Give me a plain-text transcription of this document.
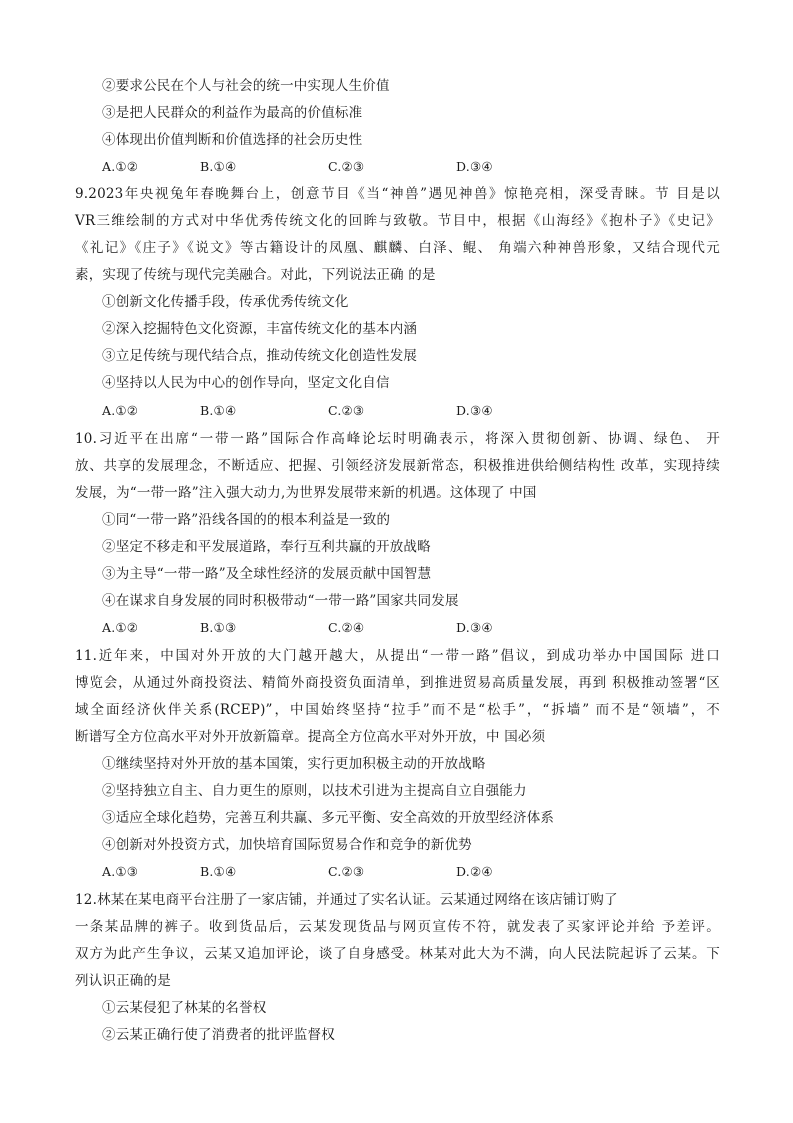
②要求公民在个人与社会的统一中实现人生价值
③是把人民群众的利益作为最高的价值标准
④体现出价值判断和价值选择的社会历史性
A.①②	B.①④	C.②③	D.③④
9.2023年央视兔年春晚舞台上，创意节目《当“神兽”遇见神兽》惊艳亮相，深受青睐。节 目是以
VR三维绘制的方式对中华优秀传统文化的回眸与致敬。节目中，根据《山海经》《抱朴子》《史记》
《礼记》《庄子》《说文》等古籍设计的凤凰、麒麟、白泽、鲲、 角端六种神兽形象，又结合现代元
素，实现了传统与现代完美融合。对此，下列说法正确 的是
①创新文化传播手段，传承优秀传统文化
②深入挖掘特色文化资源，丰富传统文化的基本内涵
③立足传统与现代结合点，推动传统文化创造性发展
④坚持以人民为中心的创作导向，坚定文化自信
A.①②	B.①④	C.②③	D.③④
10.习近平在出席“一带一路”国际合作高峰论坛时明确表示，将深入贯彻创新、协调、绿色、 开
放、共享的发展理念，不断适应、把握、引领经济发展新常态，积极推进供给侧结构性 改革，实现持续
发展，为“一带一路”注入强大动力,为世界发展带来新的机遇。这体现了 中国
①同“一带一路”沿线各国的的根本利益是一致的
②坚定不移走和平发展道路，奉行互利共赢的开放战略
③为主导“一带一路”及全球性经济的发展贡献中国智慧
④在谋求自身发展的同时积极带动“一带一路”国家共同发展
A.①②	B.①③	C.②④	D.③④
11.近年来，中国对外开放的大门越开越大，从提出“一带一路”倡议，到成功举办中国国际 进口
博览会，从通过外商投资法、精简外商投资负面清单，到推进贸易高质量发展，再到 积极推动签署“区
域全面经济伙伴关系(RCEP)”，中国始终坚持“拉手”而不是“松手”，“拆墙” 而不是“领墙”，不
断谱写全方位高水平对外开放新篇章。提高全方位高水平对外开放，中 国必须
①继续坚持对外开放的基本国策，实行更加积极主动的开放战略
②坚持独立自主、自力更生的原则，以技术引进为主提高自立自强能力
③适应全球化趋势，完善互利共赢、多元平衡、安全高效的开放型经济体系
④创新对外投资方式，加快培育国际贸易合作和竞争的新优势
A.①③	B.①④	C.②③	D.②④
12.林某在某电商平台注册了一家店铺，并通过了实名认证。云某通过网络在该店铺订购了
一条某品牌的裤子。收到货品后，云某发现货品与网页宣传不符，就发表了买家评论并给 予差评。
双方为此产生争议，云某又追加评论，谈了自身感受。林某对此大为不满，向人民法院起诉了云某。下
列认识正确的是
①云某侵犯了林某的名誉权
②云某正确行使了消费者的批评监督权
